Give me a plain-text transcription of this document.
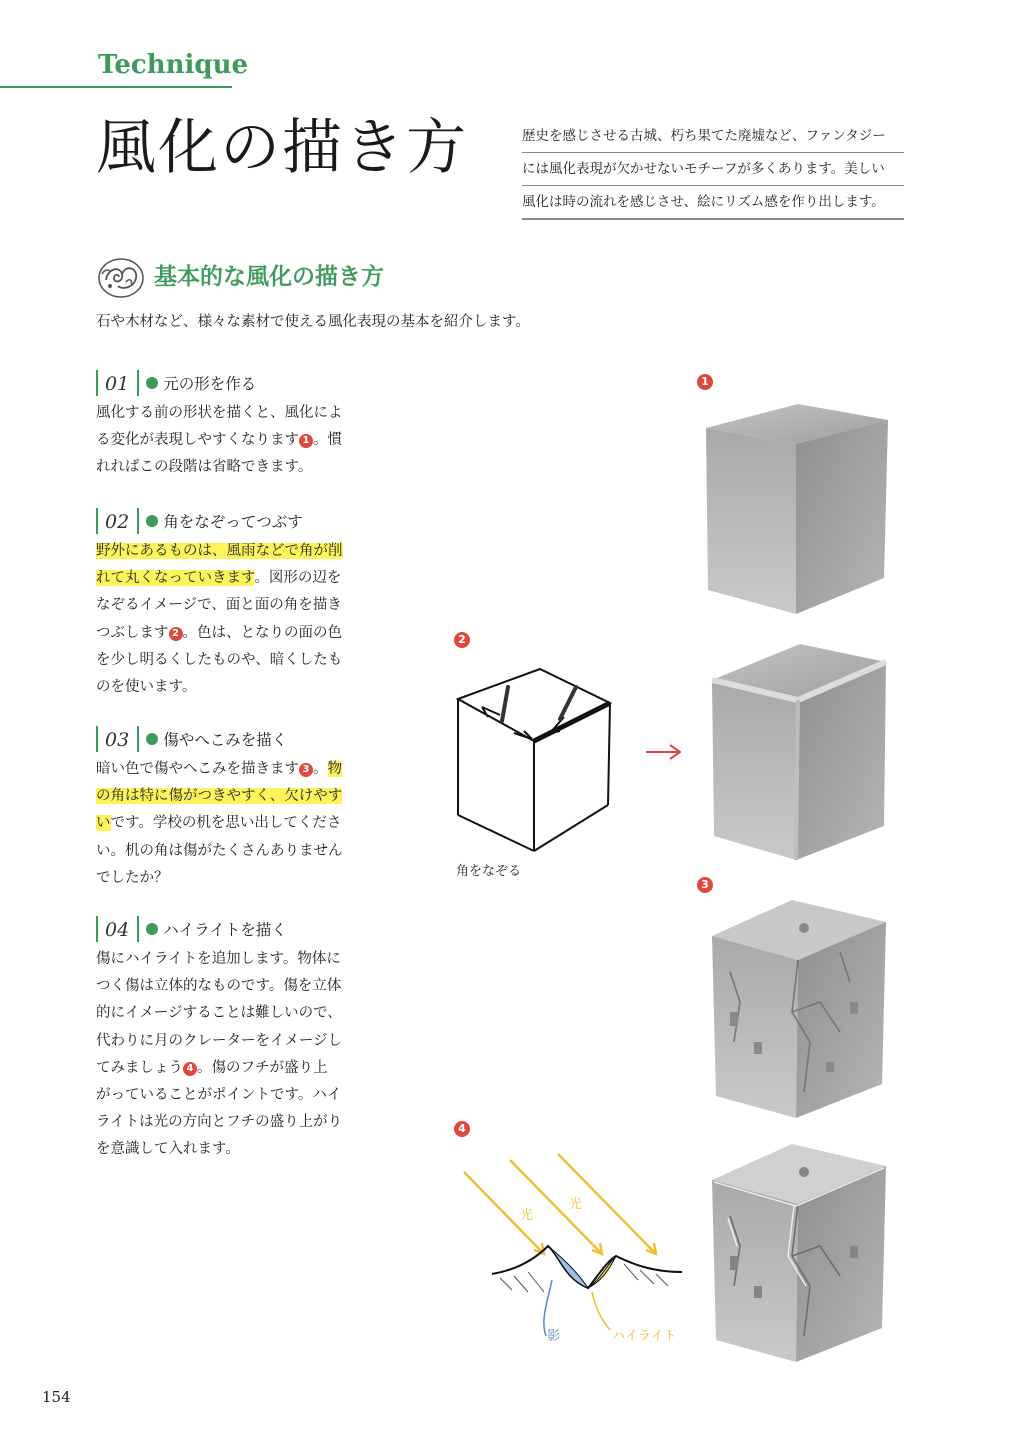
Technique
風化の描き方	歴史を感じさせる古城、朽ち果てた廃墟など、ファンタジー
には風化表現が欠かせないモチーフが多くあります。美しい
風化は時の流れを感じさせ、絵にリズム感を作り出します。
基本的な風化の描き方
石や木材など、様々な素材で使える風化表現の基本を紹介します。
01	元の形を作る
風化する前の形状を描くと、風化によ
る変化が表現しやすくなります 1 。慣
れればこの段階は省略できます。
02	角をなぞってつぶす
野外にあるものは、風雨などで角が削
れて丸くなっていきます。図形の辺を
なぞるイメージで、面と面の角を描き
つぶします 2 。色は、となりの面の色
を少し明るくしたものや、暗くしたも
のを使います。
03	傷やへこみを描く
暗い色で傷やへこみを描きます 3 。物
の角は特に傷がつきやすく、欠けやす
いです。学校の机を思い出してくださ
い。机の角は傷がたくさんありません
でしたか？
04	ハイライトを描く
傷にハイライトを追加します。物体に
つく傷は立体的なものです。傷を立体
的にイメージすることは難しいので、
代わりに月のクレーターをイメージし
てみましょう 4 。傷のフチが盛り上
がっていることがポイントです。ハイ
ライトは光の方向とフチの盛り上がり
を意識して入れます。
1
2
3
4
角をなぞる
光
光
影	ハイライト
154
